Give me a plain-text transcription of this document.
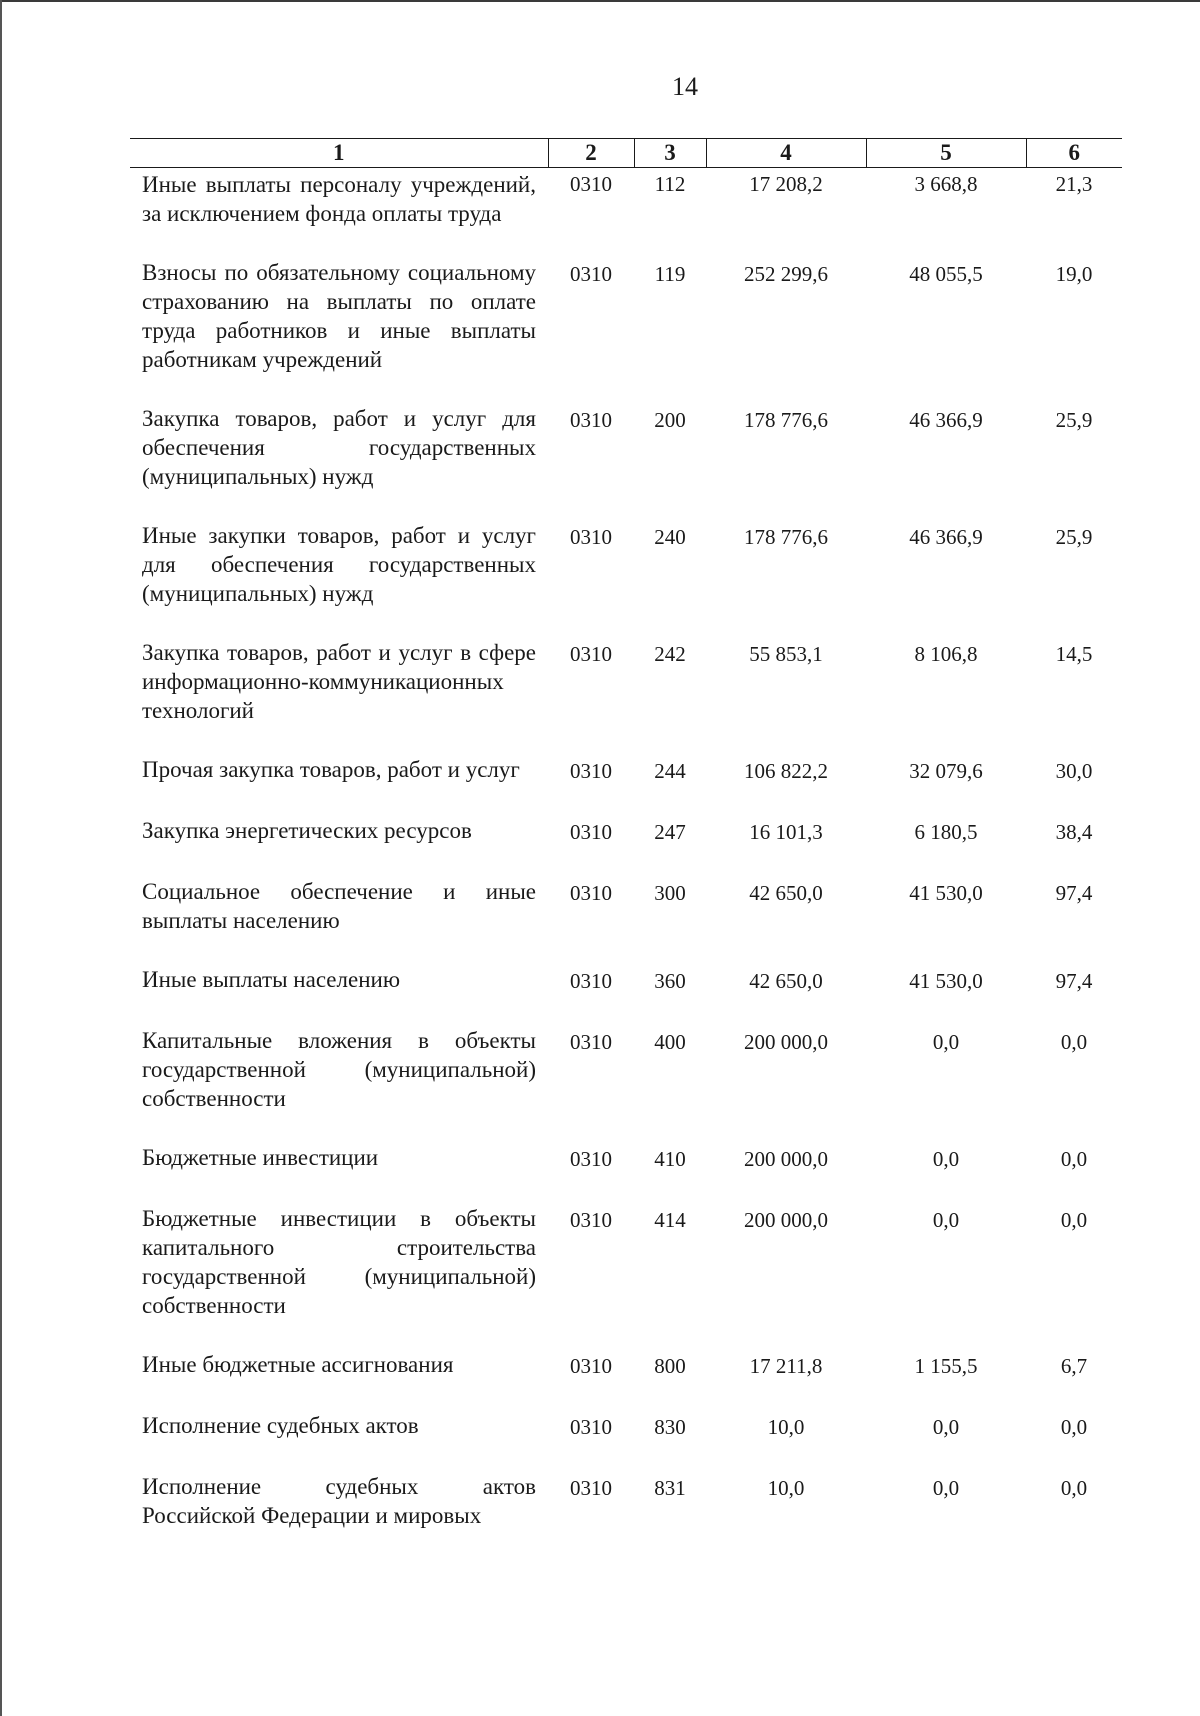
14
1	2	3	4	5	6
Иные выплаты персоналу учреждений, за исключением фонда оплаты труда	0310	112	17 208,2	3 668,8	21,3

Взносы по обязательному социальному страхованию на выплаты по оплате труда работников и иные выплаты работникам учреждений	0310	119	252 299,6	48 055,5	19,0

Закупка товаров, работ и услуг для обеспечения государственных (муниципальных) нужд	0310	200	178 776,6	46 366,9	25,9

Иные закупки товаров, работ и услуг для обеспечения государственных (муниципальных) нужд	0310	240	178 776,6	46 366,9	25,9

Закупка товаров, работ и услуг в сфере информационно-коммуникационных технологий	0310	242	55 853,1	8 106,8	14,5

Прочая закупка товаров, работ и услуг	0310	244	106 822,2	32 079,6	30,0

Закупка энергетических ресурсов	0310	247	16 101,3	6 180,5	38,4

Социальное обеспечение и иные выплаты населению	0310	300	42 650,0	41 530,0	97,4

Иные выплаты населению	0310	360	42 650,0	41 530,0	97,4

Капитальные вложения в объекты государственной (муниципальной) собственности	0310	400	200 000,0	0,0	0,0

Бюджетные инвестиции	0310	410	200 000,0	0,0	0,0

Бюджетные инвестиции в объекты капитального строительства государственной (муниципальной) собственности	0310	414	200 000,0	0,0	0,0

Иные бюджетные ассигнования	0310	800	17 211,8	1 155,5	6,7

Исполнение судебных актов	0310	830	10,0	0,0	0,0

Исполнение судебных актов Российской Федерации и мировых	0310	831	10,0	0,0	0,0
